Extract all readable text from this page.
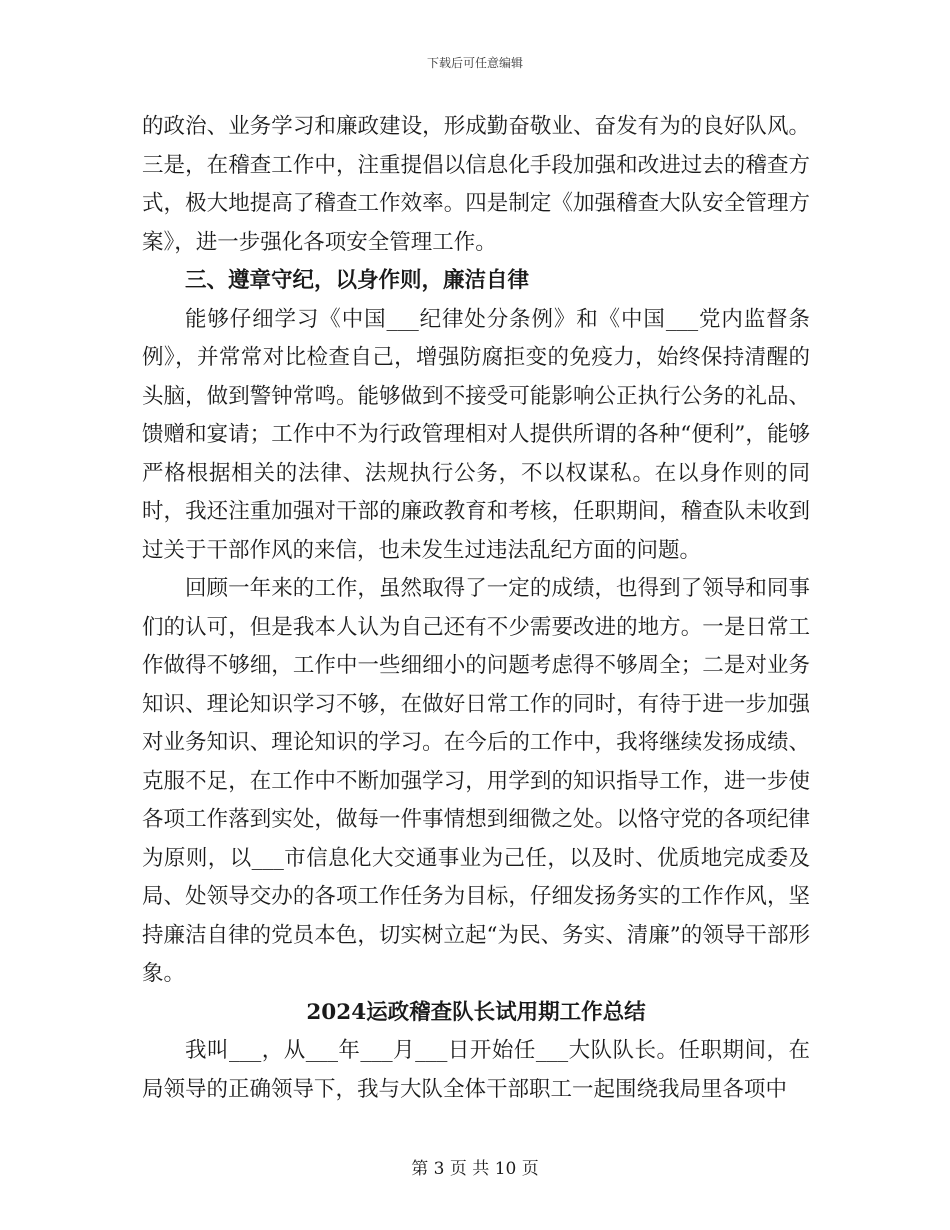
下载后可任意编辑

的政治、业务学习和廉政建设，形成勤奋敬业、奋发有为的良好队风。三是，在稽查工作中，注重提倡以信息化手段加强和改进过去的稽查方式，极大地提高了稽查工作效率。四是制定《加强稽查大队安全管理方案》，进一步强化各项安全管理工作。

三、遵章守纪，以身作则，廉洁自律

能够仔细学习《中国___纪律处分条例》和《中国___党内监督条例》，并常常对比检查自己，增强防腐拒变的免疫力，始终保持清醒的头脑，做到警钟常鸣。能够做到不接受可能影响公正执行公务的礼品、馈赠和宴请；工作中不为行政管理相对人提供所谓的各种“便利”，能够严格根据相关的法律、法规执行公务，不以权谋私。在以身作则的同时，我还注重加强对干部的廉政教育和考核，任职期间，稽查队未收到过关于干部作风的来信，也未发生过违法乱纪方面的问题。

回顾一年来的工作，虽然取得了一定的成绩，也得到了领导和同事们的认可，但是我本人认为自己还有不少需要改进的地方。一是日常工作做得不够细，工作中一些细细小的问题考虑得不够周全；二是对业务知识、理论知识学习不够，在做好日常工作的同时，有待于进一步加强对业务知识、理论知识的学习。在今后的工作中，我将继续发扬成绩、克服不足，在工作中不断加强学习，用学到的知识指导工作，进一步使各项工作落到实处，做每一件事情想到细微之处。以恪守党的各项纪律为原则，以___市信息化大交通事业为己任，以及时、优质地完成委及局、处领导交办的各项工作任务为目标，仔细发扬务实的工作作风，坚持廉洁自律的党员本色，切实树立起“为民、务实、清廉”的领导干部形象。

2024运政稽查队长试用期工作总结

我叫___，从___年___月___日开始任___大队队长。任职期间，在局领导的正确领导下，我与大队全体干部职工一起围绕我局里各项中

第 3 页 共 10 页
